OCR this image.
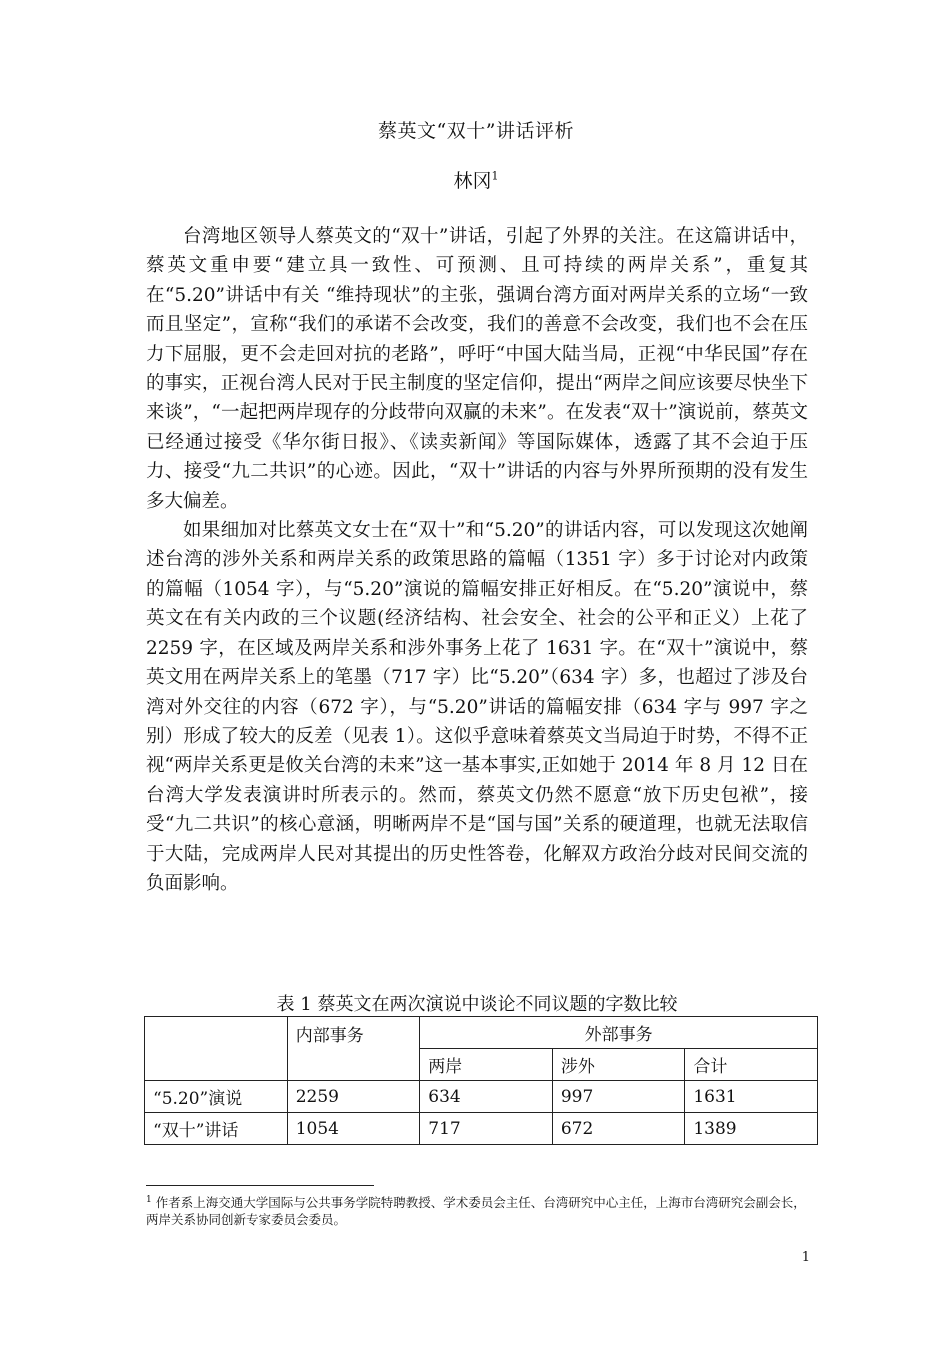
蔡英文“双十”讲话评析
林冈$^1$

台湾地区领导人蔡英文的“双十”讲话，引起了外界的关注。在这篇讲话中，蔡英文重申要“建立具一致性、可预测、且可持续的两岸关系”，重复其在“5.20”讲话中有关 “维持现状”的主张，强调台湾方面对两岸关系的立场“一致而且坚定”，宣称“我们的承诺不会改变，我们的善意不会改变，我们也不会在压力下屈服，更不会走回对抗的老路”，呼吁“中国大陆当局，正视“中华民国”存在的事实，正视台湾人民对于民主制度的坚定信仰，提出“两岸之间应该要尽快坐下来谈”，“一起把两岸现存的分歧带向双赢的未来”。在发表“双十”演说前，蔡英文已经通过接受《华尔街日报》、《读卖新闻》等国际媒体，透露了其不会迫于压力、接受“九二共识”的心迹。因此，“双十”讲话的内容与外界所预期的没有发生多大偏差。

如果细加对比蔡英文女士在“双十”和“5.20”的讲话内容，可以发现这次她阐述台湾的涉外关系和两岸关系的政策思路的篇幅（1351 字）多于讨论对内政策的篇幅（1054 字），与“5.20”演说的篇幅安排正好相反。在“5.20”演说中，蔡英文在有关内政的三个议题(经济结构、社会安全、社会的公平和正义）上花了 2259 字，在区域及两岸关系和涉外事务上花了 1631 字。在“双十”演说中，蔡英文用在两岸关系上的笔墨（717 字）比“5.20”（634 字）多，也超过了涉及台湾对外交往的内容（672 字），与“5.20”讲话的篇幅安排（634 字与 997 字之别）形成了较大的反差（见表 1）。这似乎意味着蔡英文当局迫于时势，不得不正视“两岸关系更是攸关台湾的未来”这一基本事实,正如她于 2014 年 8 月 12 日在台湾大学发表演讲时所表示的。然而，蔡英文仍然不愿意“放下历史包袱”，接受“九二共识”的核心意涵，明晰两岸不是“国与国”关系的硬道理，也就无法取信于大陆，完成两岸人民对其提出的历史性答卷，化解双方政治分歧对民间交流的负面影响。

表 1 蔡英文在两次演说中谈论不同议题的字数比较
	内部事务	外部事务		
		两岸	涉外	合计
“5.20”演说	2259	634	997	1631
“双十”讲话	1054	717	672	1389
$^1$ 作者系上海交通大学国际与公共事务学院特聘教授、学术委员会主任、台湾研究中心主任，上海市台湾研究会副会长，两岸关系协同创新专家委员会委员。
1
